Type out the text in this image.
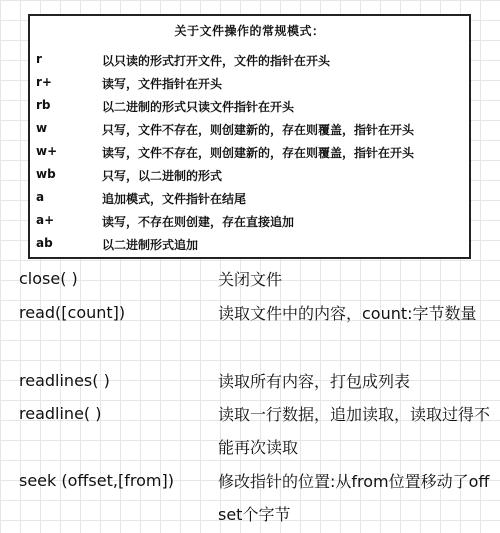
关于文件操作的常规模式：
r	以只读的形式打开文件，文件的指针在开头
r+	读写，文件指针在开头
rb	以二进制的形式只读文件指针在开头
w	只写，文件不存在，则创建新的，存在则覆盖，指针在开头
w+	读写，文件不存在，则创建新的，存在则覆盖，指针在开头
wb	只写，以二进制的形式
a	追加模式，文件指针在结尾
a+	读写，不存在则创建，存在直接追加
ab	以二进制形式追加
close( )	关闭文件
read([count])	读取文件中的内容，count:字节数量
readlines( )	读取所有内容，打包成列表
readline( )	读取一行数据，追加读取，读取过得不能再次读取
seek (offset,[from])	修改指针的位置:从from位置移动了offset个字节
